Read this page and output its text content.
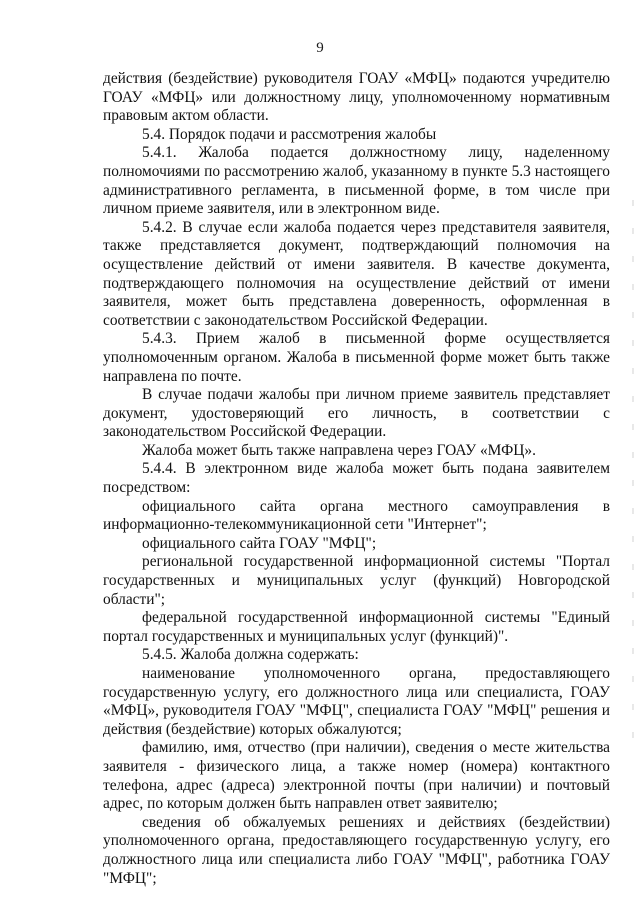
9

действия (бездействие) руководителя ГОАУ «МФЦ» подаются учредителю ГОАУ «МФЦ» или должностному лицу, уполномоченному нормативным правовым актом области.

5.4. Порядок подачи и рассмотрения жалобы

5.4.1. Жалоба подается должностному лицу, наделенному полномочиями по рассмотрению жалоб, указанному в пункте 5.3 настоящего административного регламента, в письменной форме, в том числе при личном приеме заявителя, или в электронном виде.

5.4.2. В случае если жалоба подается через представителя заявителя, также представляется документ, подтверждающий полномочия на осуществление действий от имени заявителя. В качестве документа, подтверждающего полномочия на осуществление действий от имени заявителя, может быть представлена доверенность, оформленная в соответствии с законодательством Российской Федерации.

5.4.3. Прием жалоб в письменной форме осуществляется уполномоченным органом. Жалоба в письменной форме может быть также направлена по почте.

В случае подачи жалобы при личном приеме заявитель представляет документ, удостоверяющий его личность, в соответствии с законодательством Российской Федерации.

Жалоба может быть также направлена через ГОАУ «МФЦ».

5.4.4. В электронном виде жалоба может быть подана заявителем посредством:

официального сайта органа местного самоуправления в информационно-телекоммуникационной сети "Интернет";

официального сайта ГОАУ "МФЦ";

региональной государственной информационной системы "Портал государственных и муниципальных услуг (функций) Новгородской области";

федеральной государственной информационной системы "Единый портал государственных и муниципальных услуг (функций)".

5.4.5. Жалоба должна содержать:

наименование уполномоченного органа, предоставляющего государственную услугу, его должностного лица или специалиста, ГОАУ «МФЦ», руководителя ГОАУ "МФЦ", специалиста ГОАУ "МФЦ" решения и действия (бездействие) которых обжалуются;

фамилию, имя, отчество (при наличии), сведения о месте жительства заявителя - физического лица, а также номер (номера) контактного телефона, адрес (адреса) электронной почты (при наличии) и почтовый адрес, по которым должен быть направлен ответ заявителю;

сведения об обжалуемых решениях и действиях (бездействии) уполномоченного органа, предоставляющего государственную услугу, его должностного лица или специалиста либо ГОАУ "МФЦ", работника ГОАУ "МФЦ";
